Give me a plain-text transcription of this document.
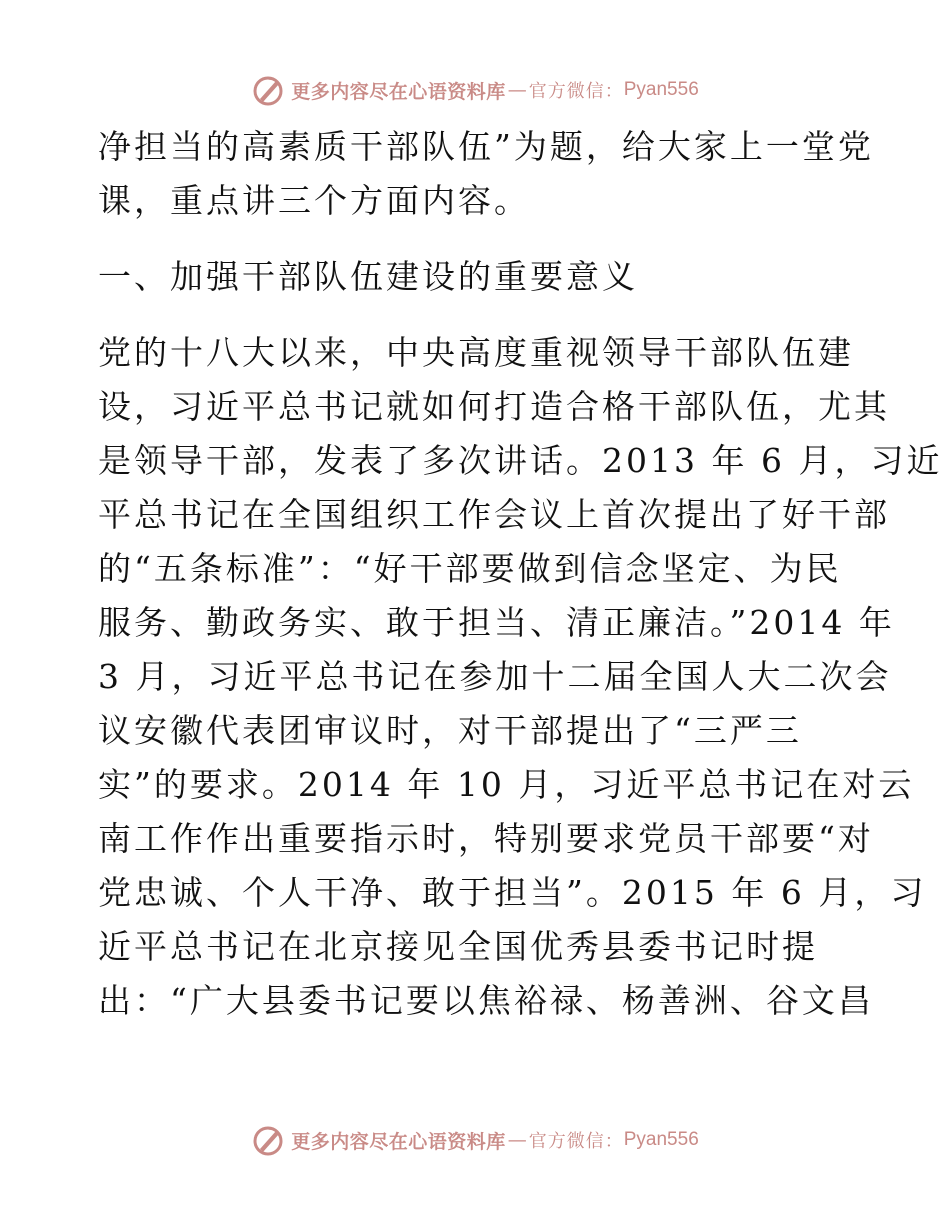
更多内容尽在心语资料库 — 官方微信： Pyan556
净担当的高素质干部队伍”为题，给大家上一堂党
课，重点讲三个方面内容。
一、加强干部队伍建设的重要意义
党的十八大以来，中央高度重视领导干部队伍建
设，习近平总书记就如何打造合格干部队伍，尤其
是领导干部，发表了多次讲话。2013 年 6 月，习近
平总书记在全国组织工作会议上首次提出了好干部
的“五条标准”：“好干部要做到信念坚定、为民
服务、勤政务实、敢于担当、清正廉洁。”2014 年
3 月，习近平总书记在参加十二届全国人大二次会
议安徽代表团审议时，对干部提出了“三严三
实”的要求。2014 年 10 月，习近平总书记在对云
南工作作出重要指示时，特别要求党员干部要“对
党忠诚、个人干净、敢于担当”。2015 年 6 月，习
近平总书记在北京接见全国优秀县委书记时提
出：“广大县委书记要以焦裕禄、杨善洲、谷文昌
更多内容尽在心语资料库 — 官方微信： Pyan556
